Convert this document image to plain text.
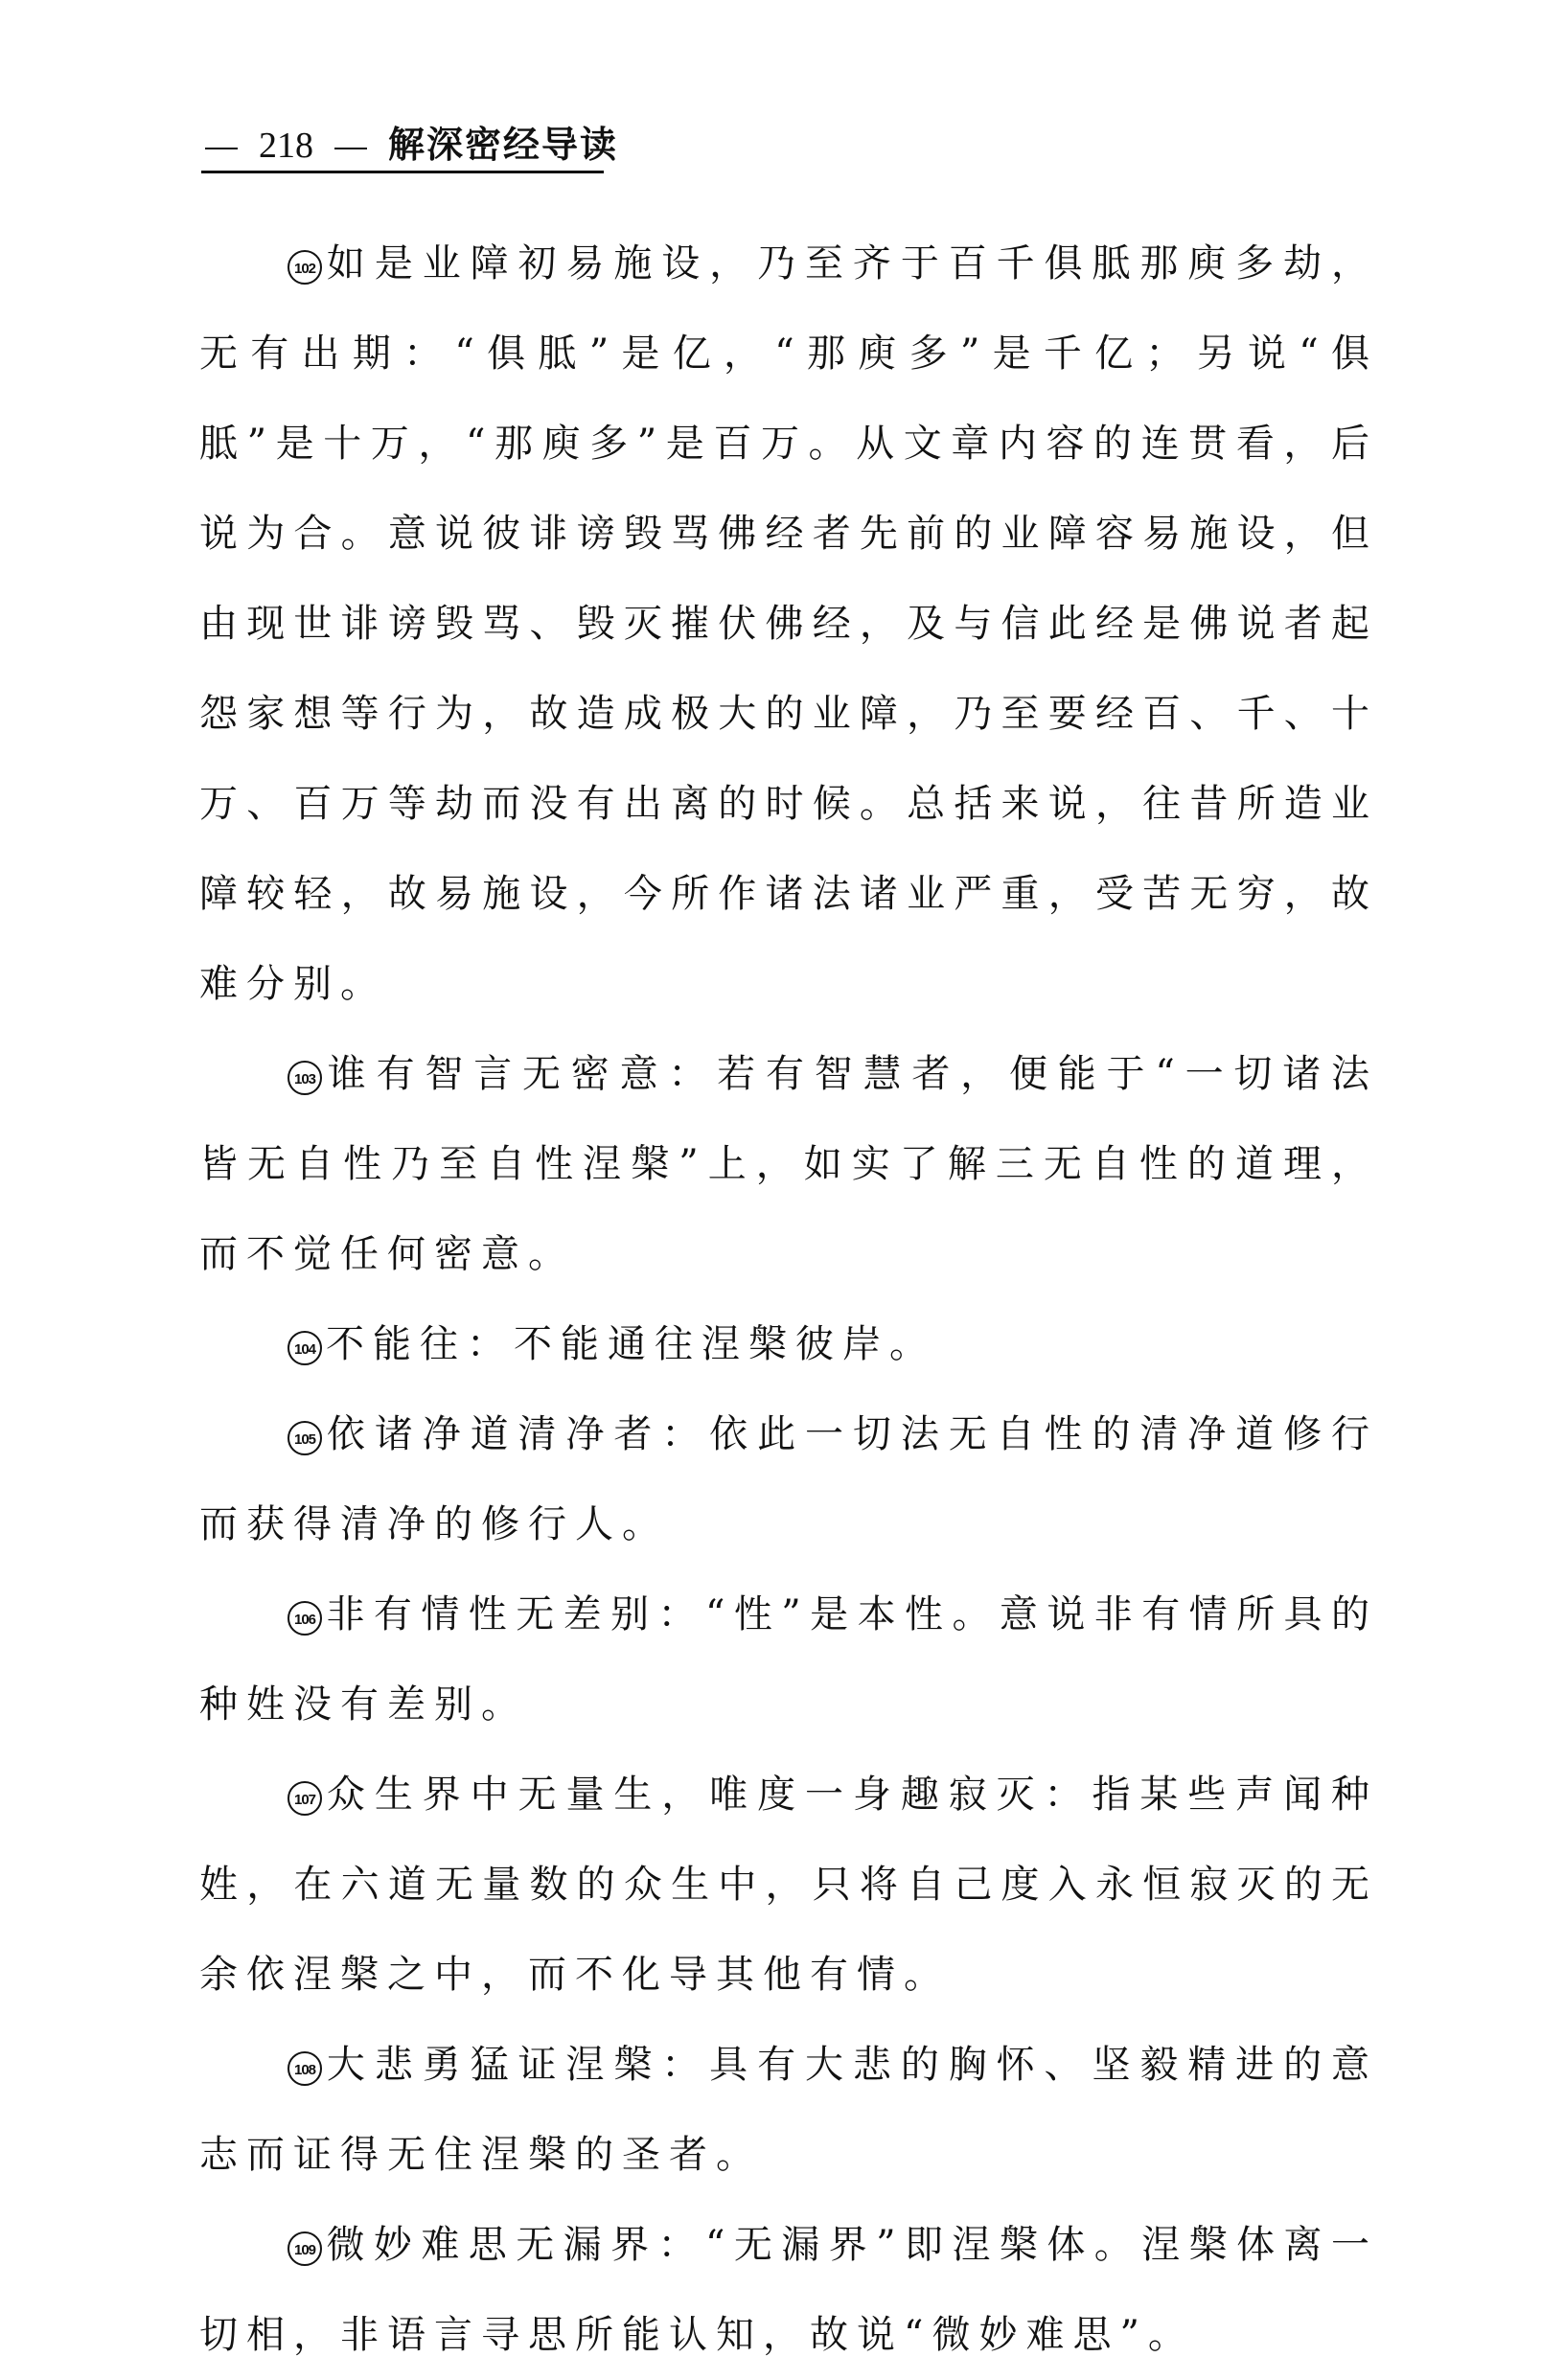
218 解深密经导读

102 如是业障初易施设，乃至齐于百千俱胝那庾多劫，无有出期：“俱胝”是亿，“那庾多”是千亿；另说“俱胝”是十万，“那庾多”是百万。从文章内容的连贯看，后说为合。意说彼诽谤毁骂佛经者先前的业障容易施设，但由现世诽谤毁骂、毁灭摧伏佛经，及与信此经是佛说者起怨家想等行为，故造成极大的业障，乃至要经百、千、十万、百万等劫而没有出离的时候。总括来说，往昔所造业障较轻，故易施设，今所作诸法诸业严重，受苦无穷，故难分别。

103 谁有智言无密意：若有智慧者，便能于“一切诸法皆无自性乃至自性涅槃”上，如实了解三无自性的道理，而不觉任何密意。

104 不能往：不能通往涅槃彼岸。

105 依诸净道清净者：依此一切法无自性的清净道修行而获得清净的修行人。

106 非有情性无差别：“性”是本性。意说非有情所具的种姓没有差别。

107 众生界中无量生，唯度一身趣寂灭：指某些声闻种姓，在六道无量数的众生中，只将自己度入永恒寂灭的无余依涅槃之中，而不化导其他有情。

108 大悲勇猛证涅槃：具有大悲的胸怀、坚毅精进的意志而证得无住涅槃的圣者。

109 微妙难思无漏界：“无漏界”即涅槃体。涅槃体离一切相，非语言寻思所能认知，故说“微妙难思”。
